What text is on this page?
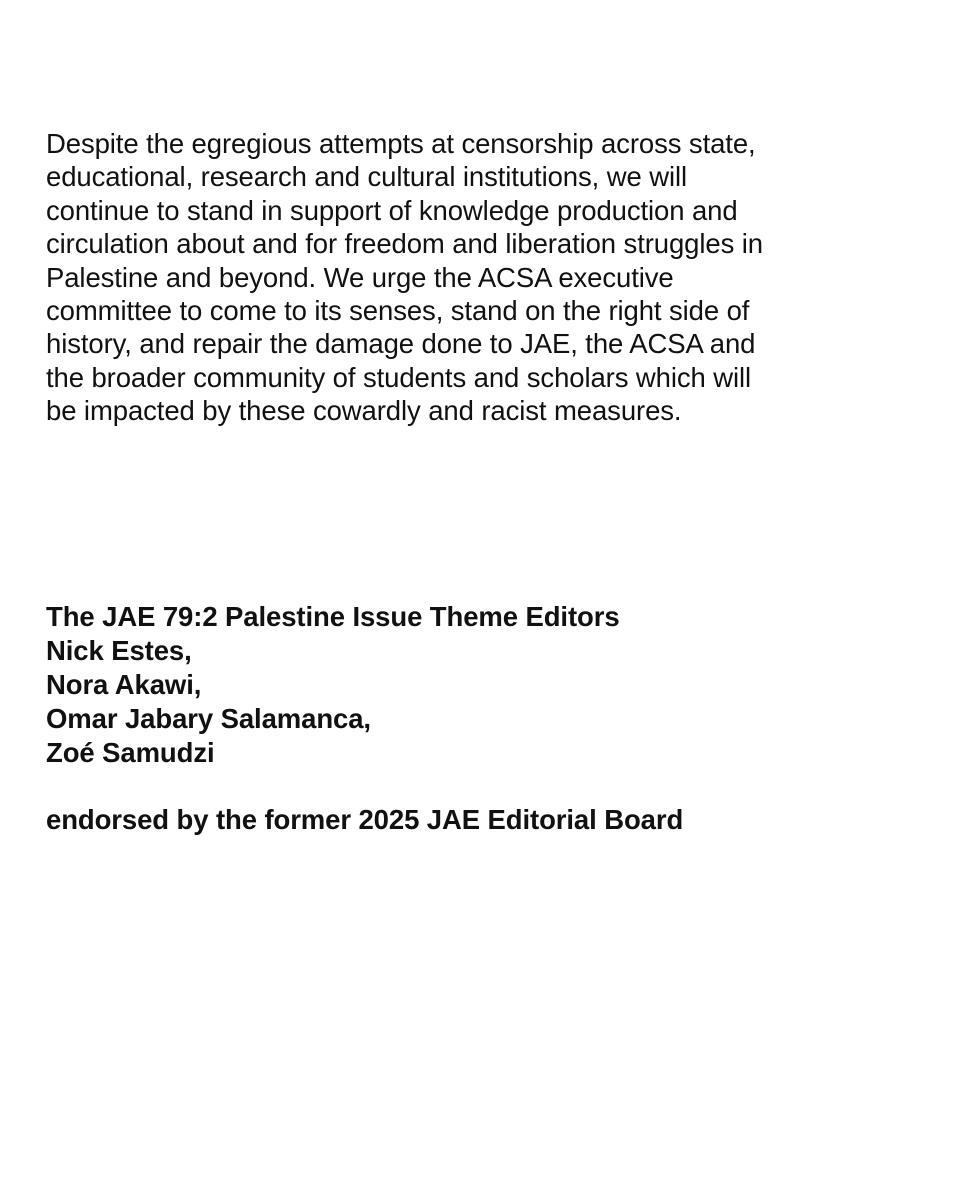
Despite the egregious attempts at censorship across state,
educational, research and cultural institutions, we will
continue to stand in support of knowledge production and
circulation about and for freedom and liberation struggles in
Palestine and beyond. We urge the ACSA executive
committee to come to its senses, stand on the right side of
history, and repair the damage done to JAE, the ACSA and
the broader community of students and scholars which will
be impacted by these cowardly and racist measures.

The JAE 79:2 Palestine Issue Theme Editors
Nick Estes,
Nora Akawi,
Omar Jabary Salamanca,
Zoé Samudzi

endorsed by the former 2025 JAE Editorial Board
